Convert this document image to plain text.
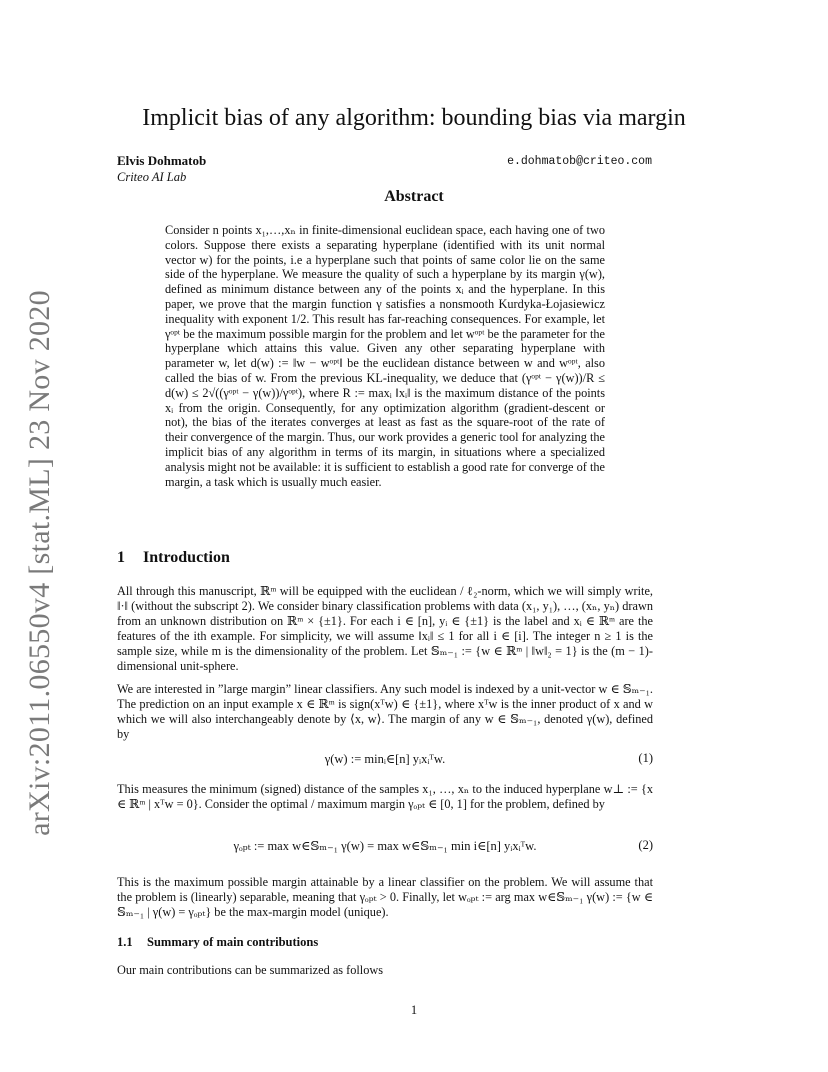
arXiv:2011.06550v4 [stat.ML] 23 Nov 2020
Implicit bias of any algorithm: bounding bias via margin
Elvis Dohmatob	e.dohmatob@criteo.com
Criteo AI Lab
Abstract

Consider n points x₁,…,xₙ in finite-dimensional euclidean space, each having one of two colors. Suppose there exists a separating hyperplane (identified with its unit normal vector w) for the points, i.e a hyperplane such that points of same color lie on the same side of the hyperplane. We measure the quality of such a hyperplane by its margin γ(w), defined as minimum distance between any of the points xᵢ and the hyperplane. In this paper, we prove that the margin function γ satisfies a nonsmooth Kurdyka-Łojasiewicz inequality with exponent 1/2. This result has far-reaching consequences. For example, let γᵒᵖᵗ be the maximum possible margin for the problem and let wᵒᵖᵗ be the parameter for the hyperplane which attains this value. Given any other separating hyperplane with parameter w, let d(w) := ‖w − wᵒᵖᵗ‖ be the euclidean distance between w and wᵒᵖᵗ, also called the bias of w. From the previous KL-inequality, we deduce that (γᵒᵖᵗ − γ(w))/R ≤ d(w) ≤ 2√((γᵒᵖᵗ − γ(w))/γᵒᵖᵗ), where R := maxᵢ ‖xᵢ‖ is the maximum distance of the points xᵢ from the origin. Consequently, for any optimization algorithm (gradient-descent or not), the bias of the iterates converges at least as fast as the square-root of the rate of their convergence of the margin. Thus, our work provides a generic tool for analyzing the implicit bias of any algorithm in terms of its margin, in situations where a specialized analysis might not be available: it is sufficient to establish a good rate for converge of the margin, a task which is usually much easier.

1 Introduction

All through this manuscript, ℝᵐ will be equipped with the euclidean / ℓ₂-norm, which we will simply write, ‖·‖ (without the subscript 2). We consider binary classification problems with data (x₁, y₁), …, (xₙ, yₙ) drawn from an unknown distribution on ℝᵐ × {±1}. For each i ∈ [n], yᵢ ∈ {±1} is the label and xᵢ ∈ ℝᵐ are the features of the ith example. For simplicity, we will assume ‖xᵢ‖ ≤ 1 for all i ∈ [i]. The integer n ≥ 1 is the sample size, while m is the dimensionality of the problem. Let 𝕊ₘ₋₁ := {w ∈ ℝᵐ | ‖w‖₂ = 1} is the (m − 1)-dimensional unit-sphere.

We are interested in ”large margin” linear classifiers. Any such model is indexed by a unit-vector w ∈ 𝕊ₘ₋₁. The prediction on an input example x ∈ ℝᵐ is sign(xᵀw) ∈ {±1}, where xᵀw is the inner product of x and w which we will also interchangeably denote by ⟨x, w⟩. The margin of any w ∈ 𝕊ₘ₋₁, denoted γ(w), defined by

γ(w) := minᵢ∈[n] yᵢxᵢᵀw.	(1)

This measures the minimum (signed) distance of the samples x₁, …, xₙ to the induced hyperplane w⊥ := {x ∈ ℝᵐ | xᵀw = 0}. Consider the optimal / maximum margin γₒₚₜ ∈ [0, 1] for the problem, defined by

γₒₚₜ := max w∈𝕊ₘ₋₁ γ(w) = max w∈𝕊ₘ₋₁ min i∈[n] yᵢxᵢᵀw.	(2)

This is the maximum possible margin attainable by a linear classifier on the problem. We will assume that the problem is (linearly) separable, meaning that γₒₚₜ > 0. Finally, let wₒₚₜ := arg max w∈𝕊ₘ₋₁ γ(w) := {w ∈ 𝕊ₘ₋₁ | γ(w) = γₒₚₜ} be the max-margin model (unique).

1.1 Summary of main contributions
Our main contributions can be summarized as follows
1
